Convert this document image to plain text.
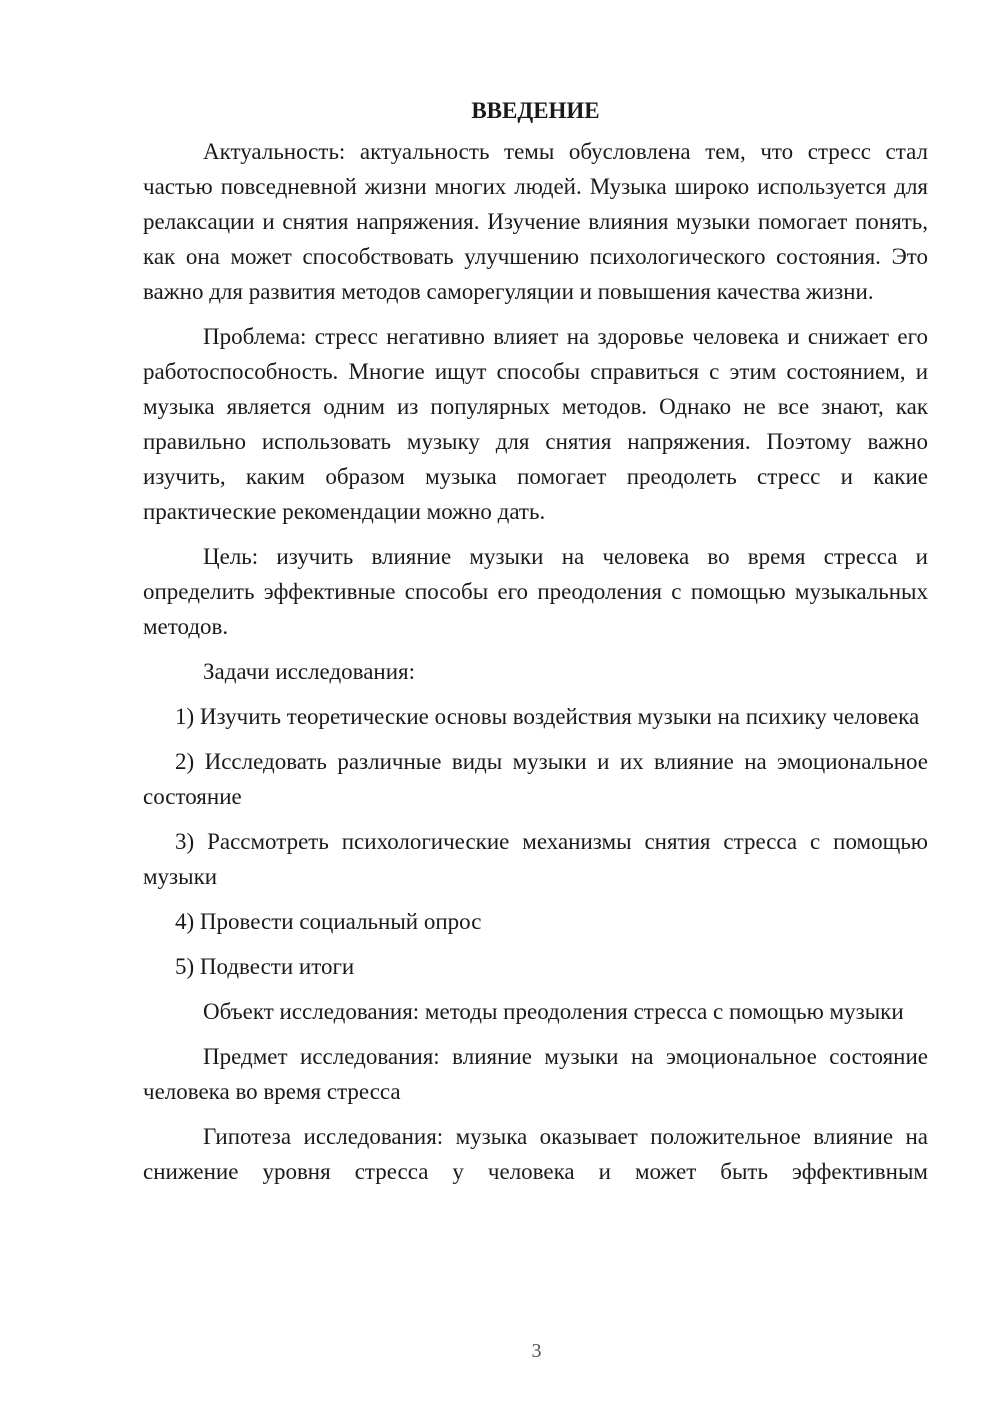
ВВЕДЕНИЕ

Актуальность: актуальность темы обусловлена тем, что стресс стал частью повседневной жизни многих людей. Музыка широко используется для релаксации и снятия напряжения. Изучение влияния музыки помогает понять, как она может способствовать улучшению психологического состояния. Это важно для развития методов саморегуляции и повышения качества жизни.

Проблема: стресс негативно влияет на здоровье человека и снижает его работоспособность. Многие ищут способы справиться с этим состоянием, и музыка является одним из популярных методов. Однако не все знают, как правильно использовать музыку для снятия напряжения. Поэтому важно изучить, каким образом музыка помогает преодолеть стресс и какие практические рекомендации можно дать.

Цель: изучить влияние музыки на человека во время стресса и определить эффективные способы его преодоления с помощью музыкальных методов.

Задачи исследования:

1) Изучить теоретические основы воздействия музыки на психику человека

2) Исследовать различные виды музыки и их влияние на эмоциональное состояние

3) Рассмотреть психологические механизмы снятия стресса с помощью музыки

4) Провести социальный опрос

5) Подвести итоги

Объект исследования: методы преодоления стресса с помощью музыки

Предмет исследования: влияние музыки на эмоциональное состояние человека во время стресса

Гипотеза исследования: музыка оказывает положительное влияние на снижение уровня стресса у человека и может быть эффективным

3
